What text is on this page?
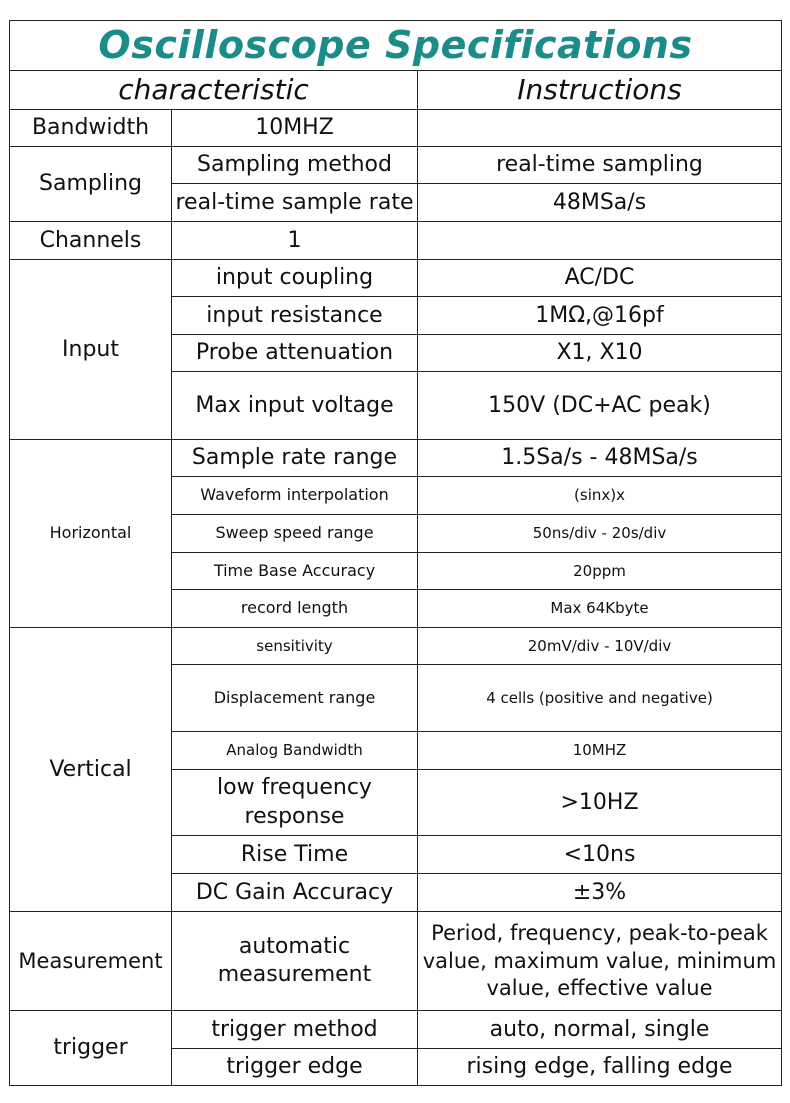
Oscilloscope Specifications		
characteristic		Instructions
Bandwidth	10MHZ	
Sampling	Sampling method	real-time sampling
	real-time sample rate	48MSa/s
Channels	1	
Input	input coupling	AC/DC
	input resistance	1MΩ,@16pf
	Probe attenuation	X1, X10
	Max input voltage	150V (DC+AC peak)
Horizontal	Sample rate range	1.5Sa/s - 48MSa/s
	Waveform interpolation	(sinx)x
	Sweep speed range	50ns/div - 20s/div
	Time Base Accuracy	20ppm
	record length	Max 64Kbyte
Vertical	sensitivity	20mV/div - 10V/div
	Displacement range	4 cells (positive and negative)
	Analog Bandwidth	10MHZ
	low frequency response	>10HZ
	Rise Time	<10ns
	DC Gain Accuracy	±3%
Measurement	automatic measurement	Period, frequency, peak-to-peak value, maximum value, minimum value, effective value
trigger	trigger method	auto, normal, single
	trigger edge	rising edge, falling edge
